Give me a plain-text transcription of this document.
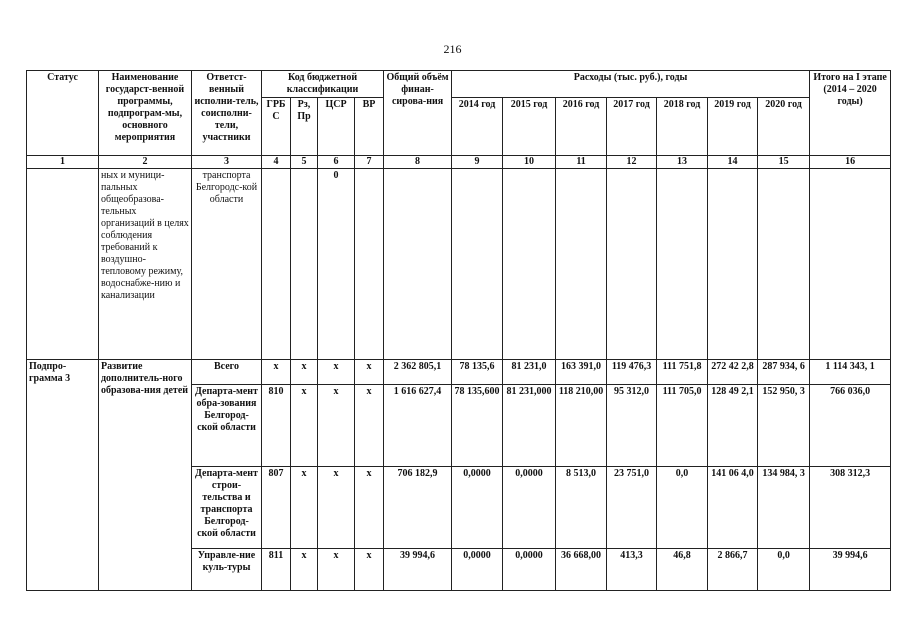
216
Статус	Наименование государст-венной программы, подпрограм-мы, основного мероприятия	Ответст-венный исполни-тель, соисполни-тели, участники	Код бюджетной классификации				Общий объём финан-сирова-ния	Расходы (тыс. руб.), годы							Итого на I этапе (2014 – 2020 годы)
			ГРБ С	Рз, Пр	ЦСР	ВР		2014 год	2015 год	2016 год	2017 год	2018 год	2019 год	2020 год	
1	2	3	4	5	6	7	8	9	10	11	12	13	14	15	16
	ных и муници-пальных общеобразова-тельных организаций в целях соблюдения требований к воздушно-тепловому режиму, водоснабже-нию и канализации	транспорта Белгородс-кой области			0										
Подпро-грамма 3	Развитие дополнитель-ного образова-ния детей	Всего	х	х	х	х	2 362 805,1	78 135,6	81 231,0	163 391,0	119 476,3	111 751,8	272 42 2,8	287 934, 6	1 114 343, 1
		Департа-мент обра-зования Белгород-ской области	810	х	х	х	1 616 627,4	78 135,600	81 231,000	118 210,00	95 312,0	111 705,0	128 49 2,1	152 950, 3	766 036,0
		Департа-мент строи-тельства и транспорта Белгород-ской области	807	х	х	х	706 182,9	0,0000	0,0000	8 513,0	23 751,0	0,0	141 06 4,0	134 984, 3	308 312,3
		Управле-ние куль-туры	811	х	х	х	39 994,6	0,0000	0,0000	36 668,00	413,3	46,8	2 866,7	0,0	39 994,6
